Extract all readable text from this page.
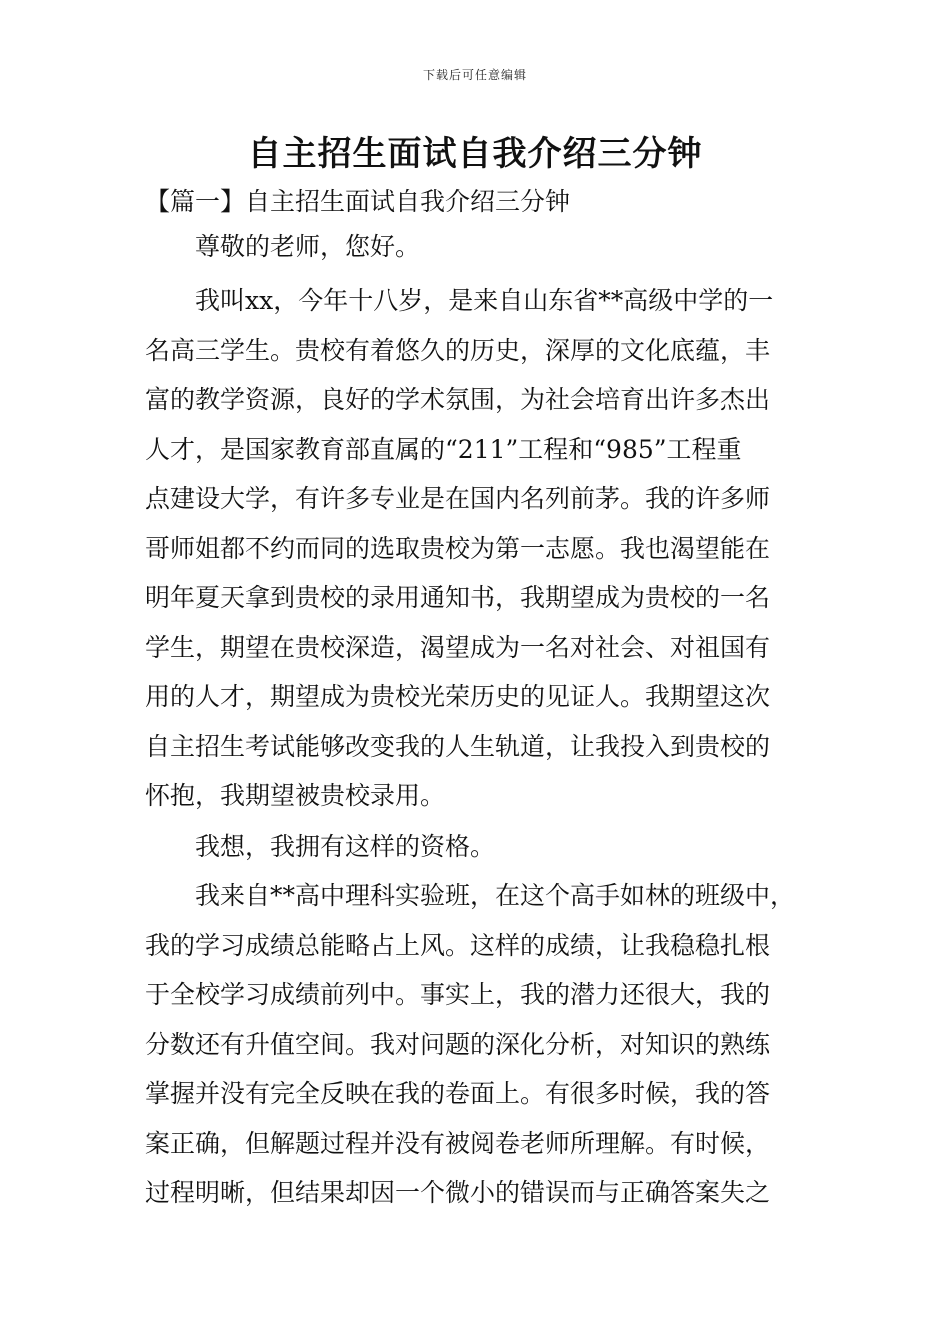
下载后可任意编辑
自主招生面试自我介绍三分钟
【篇一】自主招生面试自我介绍三分钟

尊敬的老师，您好。

我叫xx，今年十八岁，是来自山东省**高级中学的一
名高三学生。贵校有着悠久的历史，深厚的文化底蕴，丰
富的教学资源，良好的学术氛围，为社会培育出许多杰出
人才，是国家教育部直属的“211”工程和“985”工程重
点建设大学，有许多专业是在国内名列前茅。我的许多师
哥师姐都不约而同的选取贵校为第一志愿。我也渴望能在
明年夏天拿到贵校的录用通知书，我期望成为贵校的一名
学生，期望在贵校深造，渴望成为一名对社会、对祖国有
用的人才，期望成为贵校光荣历史的见证人。我期望这次
自主招生考试能够改变我的人生轨道，让我投入到贵校的
怀抱，我期望被贵校录用。

我想，我拥有这样的资格。

我来自**高中理科实验班，在这个高手如林的班级中，
我的学习成绩总能略占上风。这样的成绩，让我稳稳扎根
于全校学习成绩前列中。事实上，我的潜力还很大，我的
分数还有升值空间。我对问题的深化分析，对知识的熟练
掌握并没有完全反映在我的卷面上。有很多时候，我的答
案正确，但解题过程并没有被阅卷老师所理解。有时候，
过程明晰，但结果却因一个微小的错误而与正确答案失之
